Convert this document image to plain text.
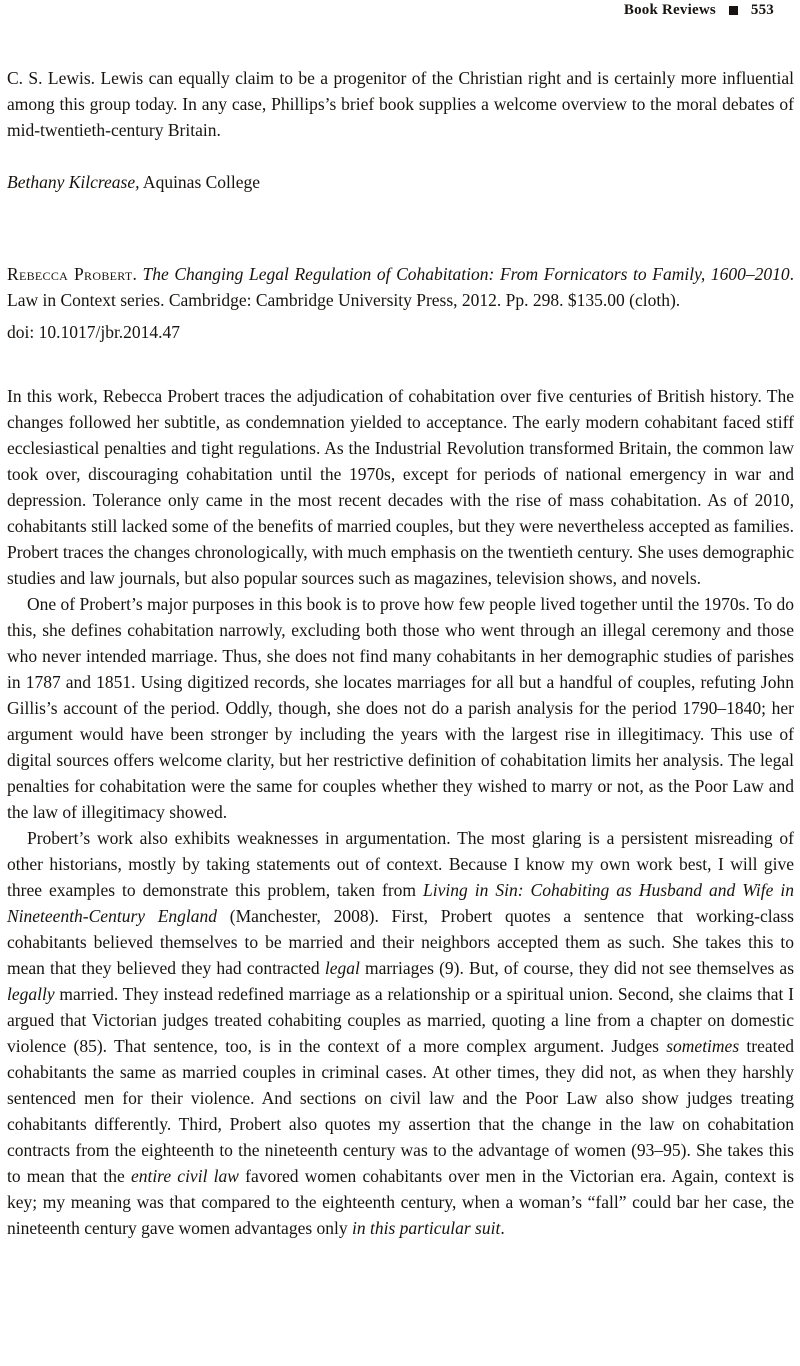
Book Reviews 553

C. S. Lewis. Lewis can equally claim to be a progenitor of the Christian right and is certainly more influential among this group today. In any case, Phillips’s brief book supplies a welcome overview to the moral debates of mid-twentieth-century Britain.

Bethany Kilcrease, Aquinas College

Rebecca Probert. The Changing Legal Regulation of Cohabitation: From Fornicators to Family, 1600–2010. Law in Context series. Cambridge: Cambridge University Press, 2012. Pp. 298. $135.00 (cloth).

doi: 10.1017/jbr.2014.47

In this work, Rebecca Probert traces the adjudication of cohabitation over five centuries of British history. The changes followed her subtitle, as condemnation yielded to acceptance. The early modern cohabitant faced stiff ecclesiastical penalties and tight regulations. As the Industrial Revolution transformed Britain, the common law took over, discouraging cohabitation until the 1970s, except for periods of national emergency in war and depression. Tolerance only came in the most recent decades with the rise of mass cohabitation. As of 2010, cohabitants still lacked some of the benefits of married couples, but they were nevertheless accepted as families. Probert traces the changes chronologically, with much emphasis on the twentieth century. She uses demographic studies and law journals, but also popular sources such as magazines, television shows, and novels.

One of Probert’s major purposes in this book is to prove how few people lived together until the 1970s. To do this, she defines cohabitation narrowly, excluding both those who went through an illegal ceremony and those who never intended marriage. Thus, she does not find many cohabitants in her demographic studies of parishes in 1787 and 1851. Using digitized records, she locates marriages for all but a handful of couples, refuting John Gillis’s account of the period. Oddly, though, she does not do a parish analysis for the period 1790–1840; her argument would have been stronger by including the years with the largest rise in illegitimacy. This use of digital sources offers welcome clarity, but her restrictive definition of cohabitation limits her analysis. The legal penalties for cohabitation were the same for couples whether they wished to marry or not, as the Poor Law and the law of illegitimacy showed.

Probert’s work also exhibits weaknesses in argumentation. The most glaring is a persistent misreading of other historians, mostly by taking statements out of context. Because I know my own work best, I will give three examples to demonstrate this problem, taken from Living in Sin: Cohabiting as Husband and Wife in Nineteenth-Century England (Manchester, 2008). First, Probert quotes a sentence that working-class cohabitants believed themselves to be married and their neighbors accepted them as such. She takes this to mean that they believed they had contracted legal marriages (9). But, of course, they did not see themselves as legally married. They instead redefined marriage as a relationship or a spiritual union. Second, she claims that I argued that Victorian judges treated cohabiting couples as married, quoting a line from a chapter on domestic violence (85). That sentence, too, is in the context of a more complex argument. Judges sometimes treated cohabitants the same as married couples in criminal cases. At other times, they did not, as when they harshly sentenced men for their violence. And sections on civil law and the Poor Law also show judges treating cohabitants differently. Third, Probert also quotes my assertion that the change in the law on cohabitation contracts from the eighteenth to the nineteenth century was to the advantage of women (93–95). She takes this to mean that the entire civil law favored women cohabitants over men in the Victorian era. Again, context is key; my meaning was that compared to the eighteenth century, when a woman’s “fall” could bar her case, the nineteenth century gave women advantages only in this particular suit.
